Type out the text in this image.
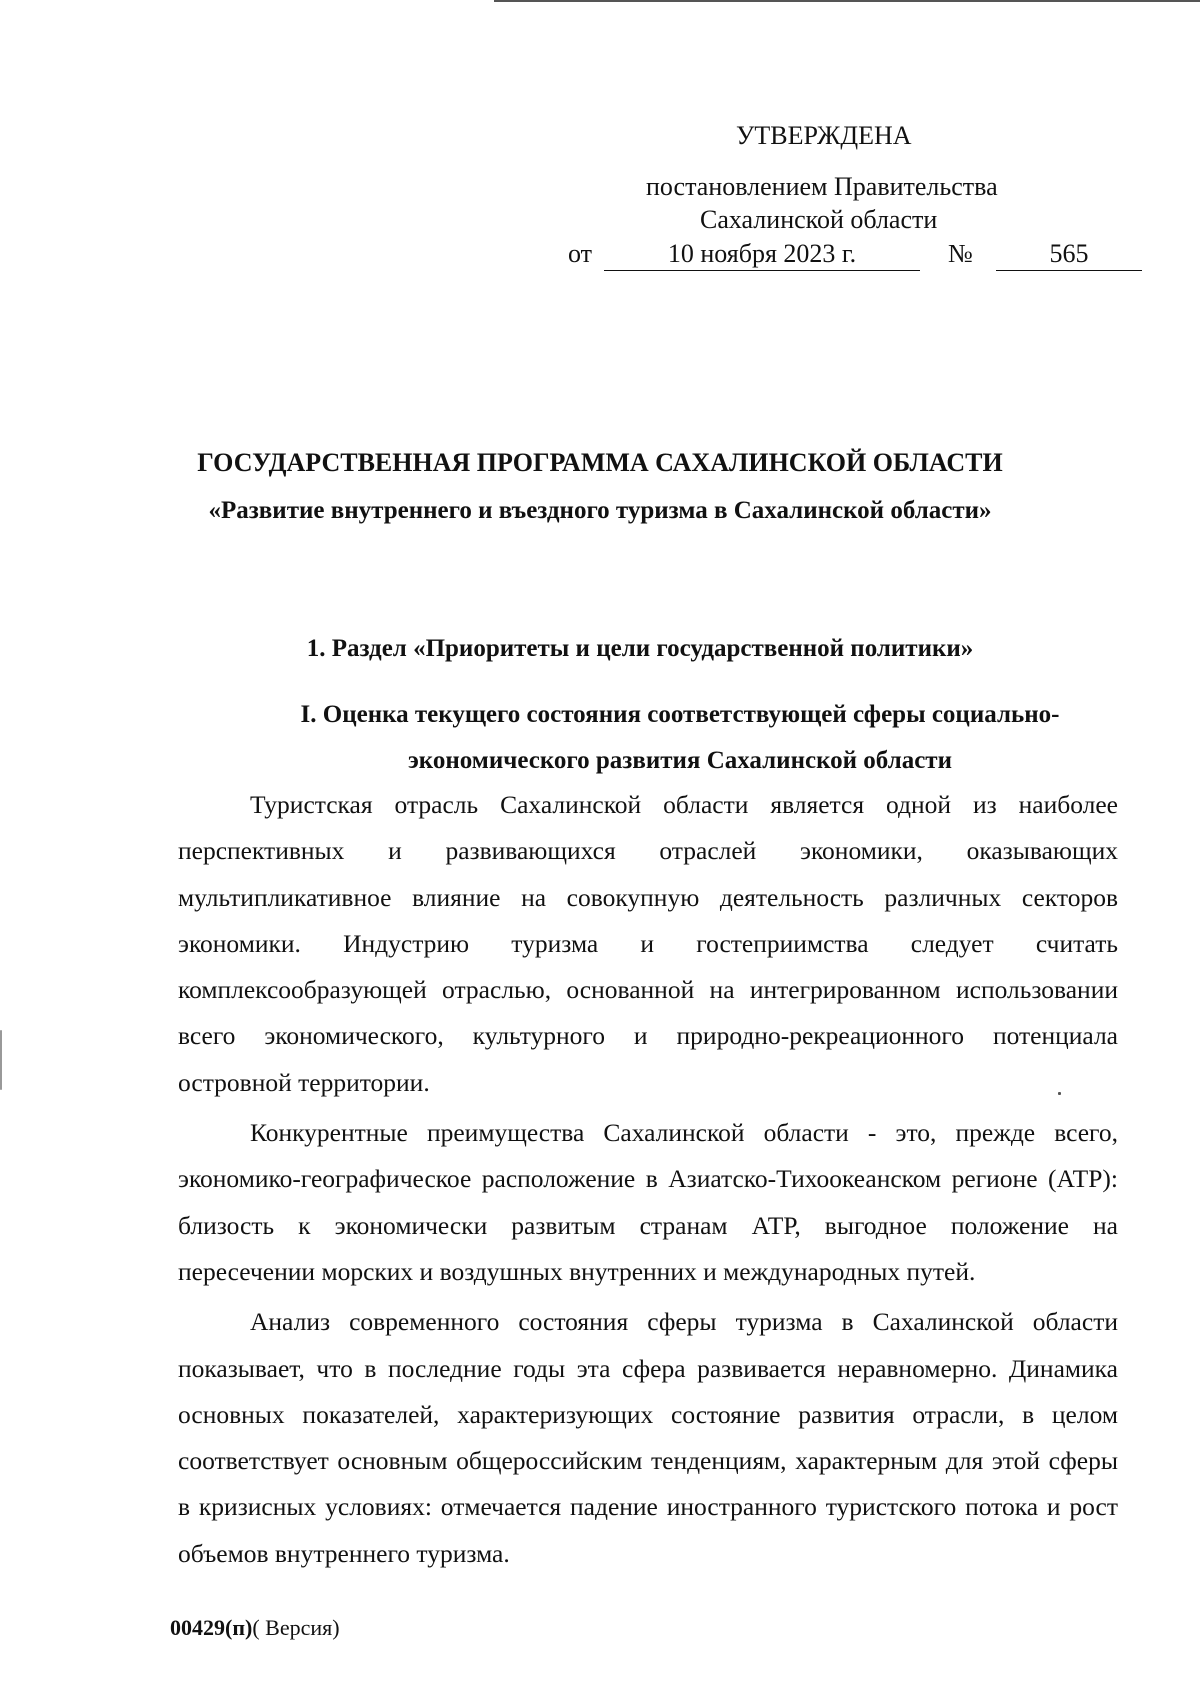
УТВЕРЖДЕНА
постановлением Правительства
Сахалинской области
от	10 ноября 2023 г.	№	565
ГОСУДАРСТВЕННАЯ ПРОГРАММА САХАЛИНСКОЙ ОБЛАСТИ
«Развитие внутреннего и въездного туризма в Сахалинской области»
1. Раздел «Приоритеты и цели государственной политики»
I. Оценка текущего состояния соответствующей сферы социально-экономического развития Сахалинской области

Туристская отрасль Сахалинской области является одной из наиболее перспективных и развивающихся отраслей экономики, оказывающих мультипликативное влияние на совокупную деятельность различных секторов экономики. Индустрию туризма и гостеприимства следует считать комплексообразующей отраслью, основанной на интегрированном использовании всего экономического, культурного и природно-рекреационного потенциала островной территории.

Конкурентные преимущества Сахалинской области - это, прежде всего, экономико-географическое расположение в Азиатско-Тихоокеанском регионе (АТР): близость к экономически развитым странам АТР, выгодное положение на пересечении морских и воздушных внутренних и международных путей.

Анализ современного состояния сферы туризма в Сахалинской области показывает, что в последние годы эта сфера развивается неравномерно. Динамика основных показателей, характеризующих состояние развития отрасли, в целом соответствует основным общероссийским тенденциям, характерным для этой сферы в кризисных условиях: отмечается падение иностранного туристского потока и рост объемов внутреннего туризма.

00429(п)( Версия)
